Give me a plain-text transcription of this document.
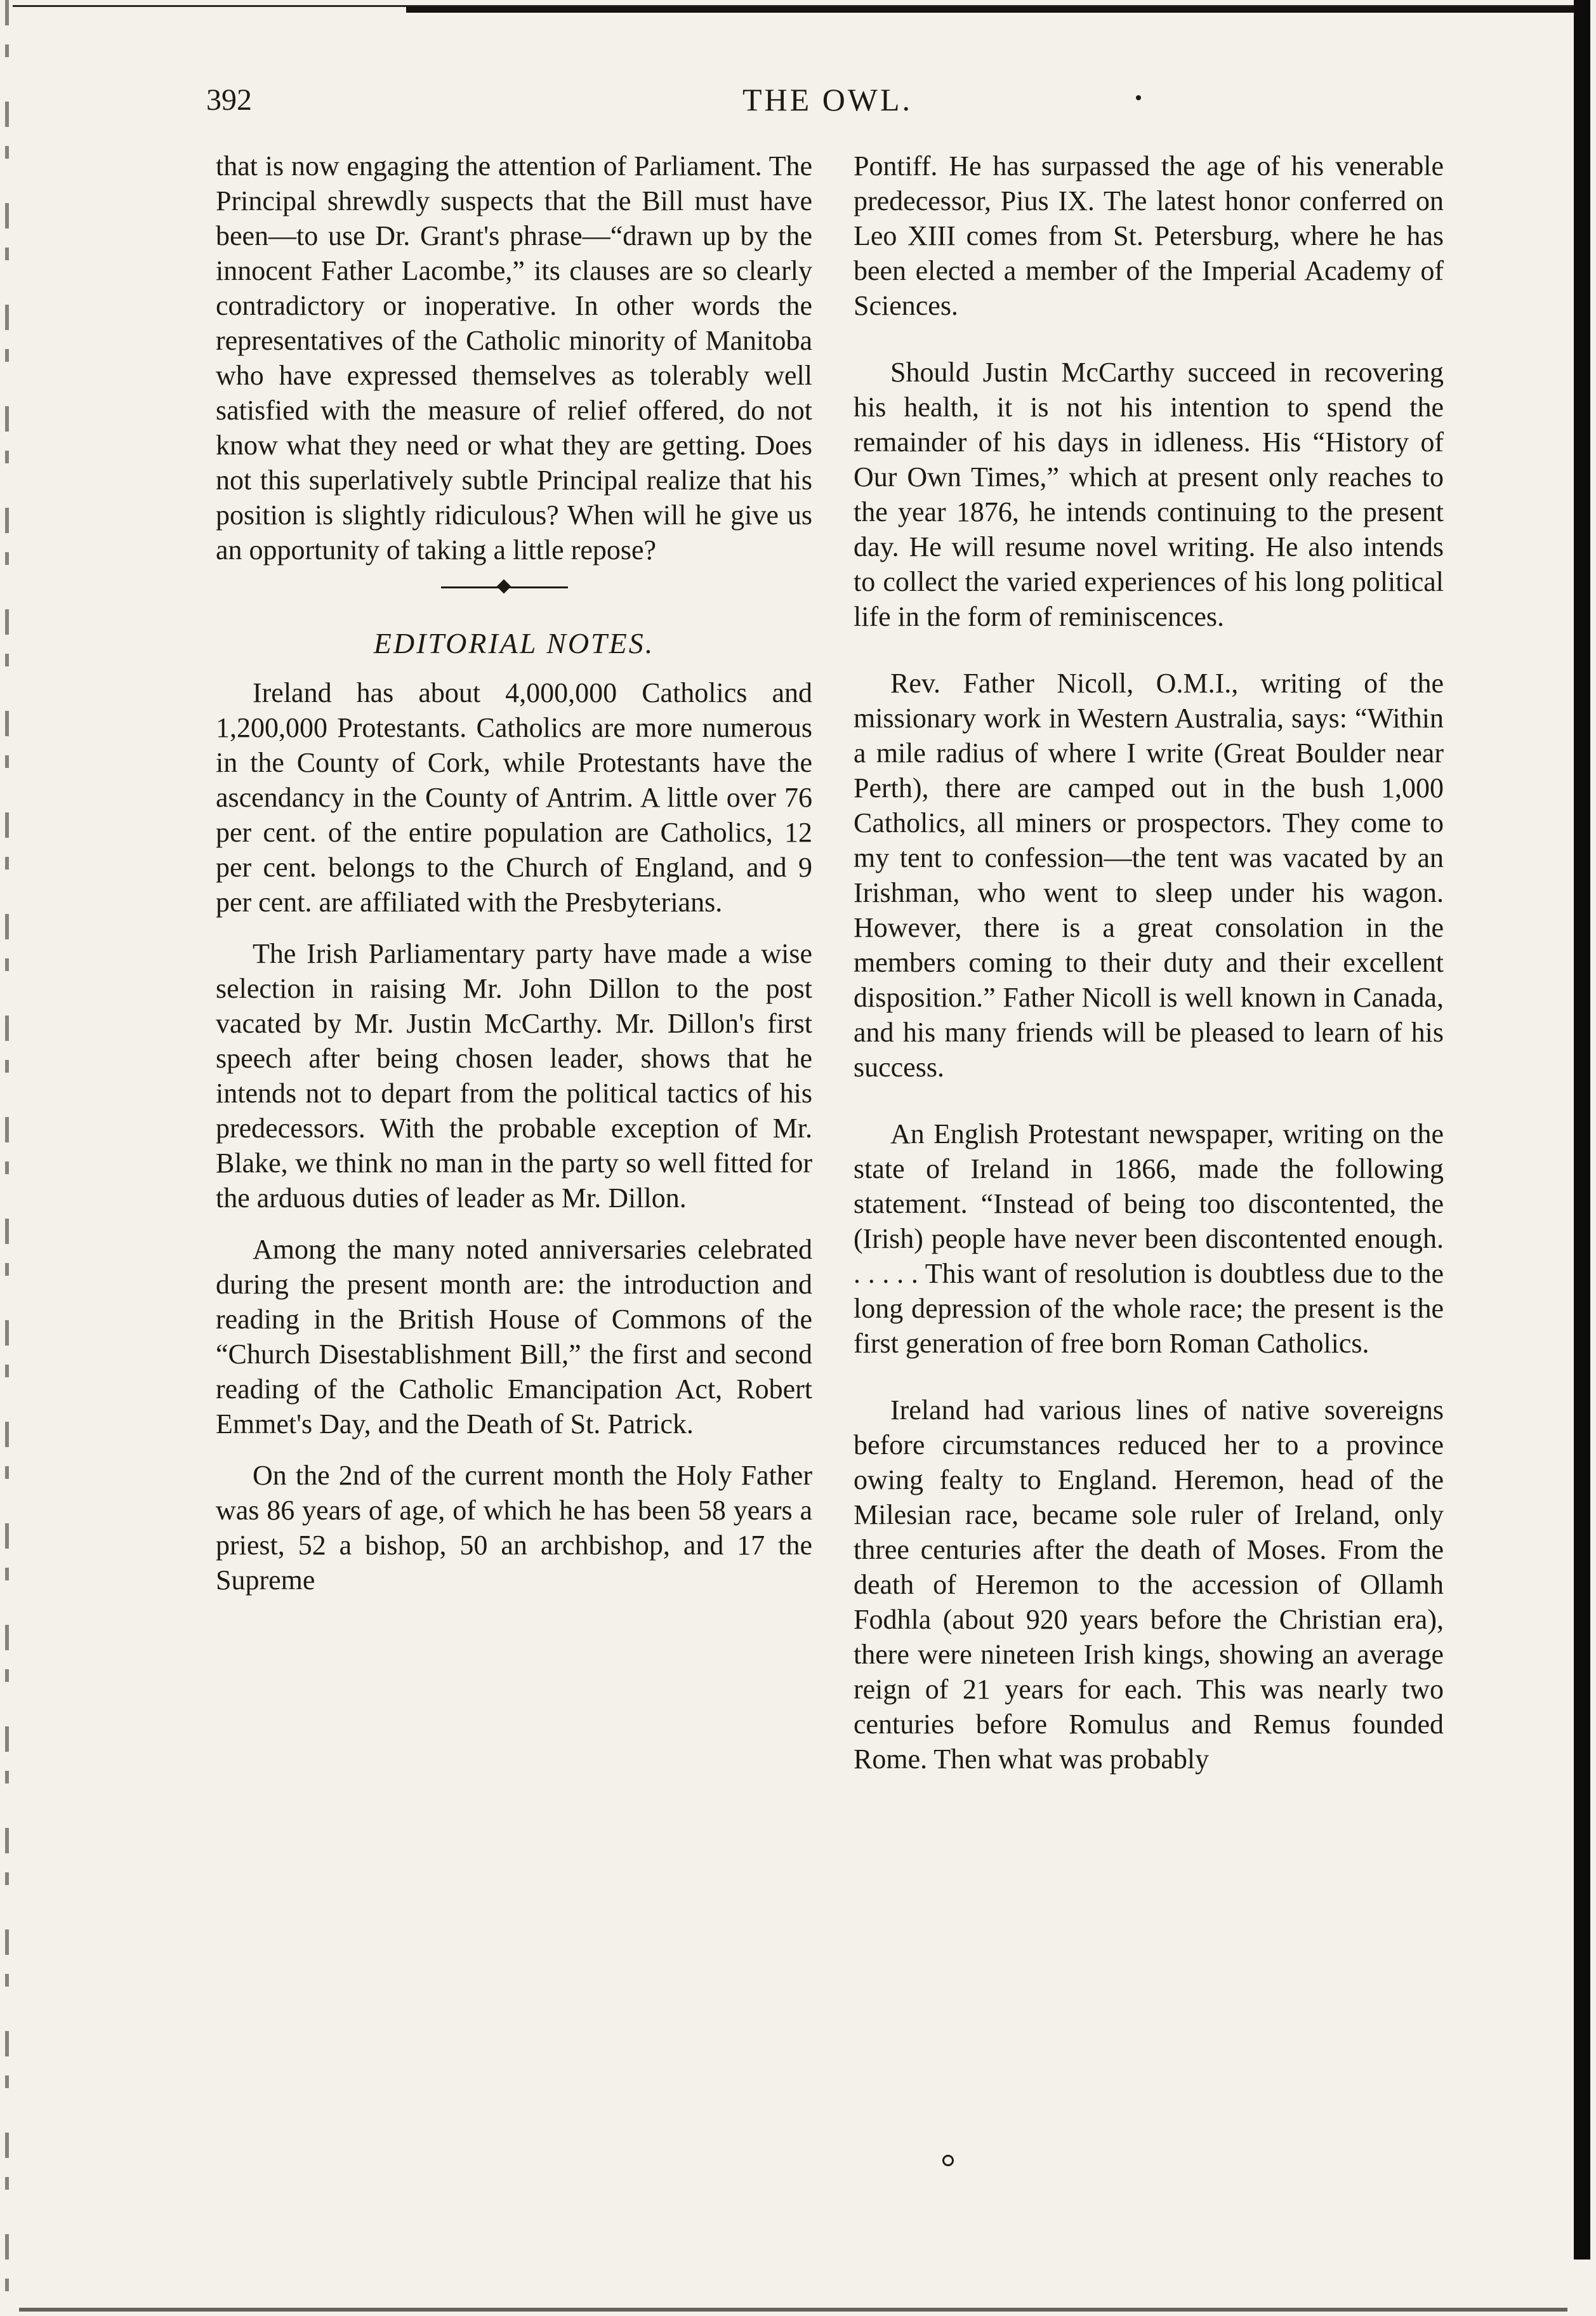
392	THE OWL.

that is now engaging the attention of Parliament. The Principal shrewdly suspects that the Bill must have been—to use Dr. Grant's phrase—“drawn up by the innocent Father Lacombe,” its clauses are so clearly contradictory or inoperative. In other words the representatives of the Catholic minority of Manitoba who have expressed themselves as tolerably well satisfied with the measure of relief offered, do not know what they need or what they are getting. Does not this superlatively subtle Principal realize that his position is slightly ridiculous? When will he give us an opportunity of taking a little repose?

EDITORIAL NOTES.

Ireland has about 4,000,000 Catholics and 1,200,000 Protestants. Catholics are more numerous in the County of Cork, while Protestants have the ascendancy in the County of Antrim. A little over 76 per cent. of the entire population are Catholics, 12 per cent. belongs to the Church of England, and 9 per cent. are affiliated with the Presbyterians.

The Irish Parliamentary party have made a wise selection in raising Mr. John Dillon to the post vacated by Mr. Justin McCarthy. Mr. Dillon's first speech after being chosen leader, shows that he intends not to depart from the political tactics of his predecessors. With the probable exception of Mr. Blake, we think no man in the party so well fitted for the arduous duties of leader as Mr. Dillon.

Among the many noted anniversaries celebrated during the present month are: the introduction and reading in the British House of Commons of the “Church Disestablishment Bill,” the first and second reading of the Catholic Emancipation Act, Robert Emmet's Day, and the Death of St. Patrick.

On the 2nd of the current month the Holy Father was 86 years of age, of which he has been 58 years a priest, 52 a bishop, 50 an archbishop, and 17 the Supreme

Pontiff. He has surpassed the age of his venerable predecessor, Pius IX. The latest honor conferred on Leo XIII comes from St. Petersburg, where he has been elected a member of the Imperial Academy of Sciences.

Should Justin McCarthy succeed in recovering his health, it is not his intention to spend the remainder of his days in idleness. His “History of Our Own Times,” which at present only reaches to the year 1876, he intends continuing to the present day. He will resume novel writing. He also intends to collect the varied experiences of his long political life in the form of reminiscences.

Rev. Father Nicoll, O.M.I., writing of the missionary work in Western Australia, says: “Within a mile radius of where I write (Great Boulder near Perth), there are camped out in the bush 1,000 Catholics, all miners or prospectors. They come to my tent to confession—the tent was vacated by an Irishman, who went to sleep under his wagon. However, there is a great consolation in the members coming to their duty and their excellent disposition.” Father Nicoll is well known in Canada, and his many friends will be pleased to learn of his success.

An English Protestant newspaper, writing on the state of Ireland in 1866, made the following statement. “Instead of being too discontented, the (Irish) people have never been discontented enough. . . . . . This want of resolution is doubtless due to the long depression of the whole race; the present is the first generation of free born Roman Catholics.

Ireland had various lines of native sovereigns before circumstances reduced her to a province owing fealty to England. Heremon, head of the Milesian race, became sole ruler of Ireland, only three centuries after the death of Moses. From the death of Heremon to the accession of Ollamh Fodhla (about 920 years before the Christian era), there were nineteen Irish kings, showing an average reign of 21 years for each. This was nearly two centuries before Romulus and Remus founded Rome. Then what was probably
